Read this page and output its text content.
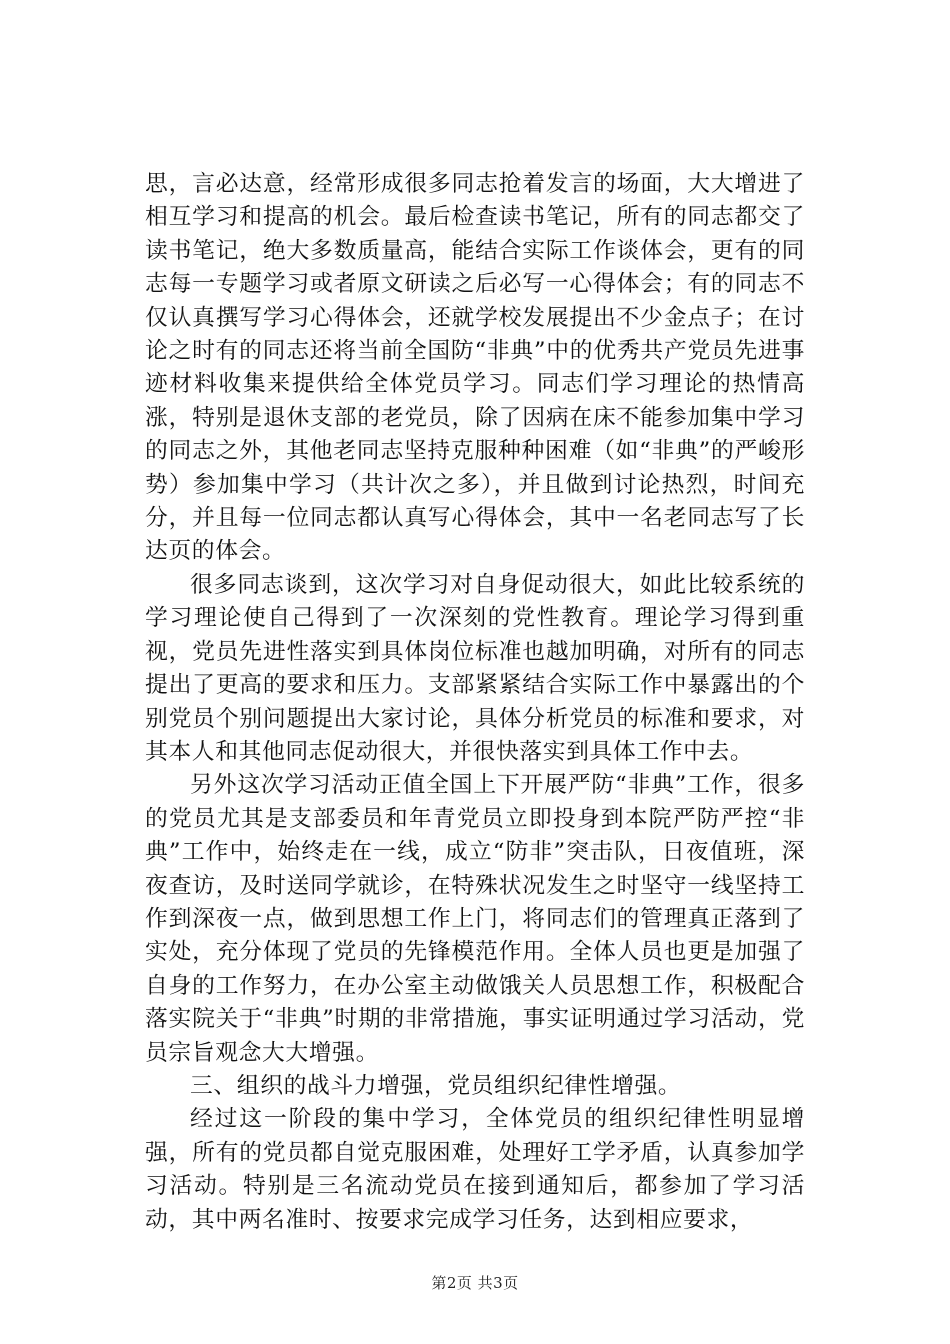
思，言必达意，经常形成很多同志抢着发言的场面，大大增进了相互学习和提高的机会。最后检查读书笔记，所有的同志都交了读书笔记，绝大多数质量高，能结合实际工作谈体会，更有的同志每一专题学习或者原文研读之后必写一心得体会；有的同志不仅认真撰写学习心得体会，还就学校发展提出不少金点子；在讨论之时有的同志还将当前全国防“非典”中的优秀共产党员先进事迹材料收集来提供给全体党员学习。同志们学习理论的热情高涨，特别是退休支部的老党员，除了因病在床不能参加集中学习的同志之外，其他老同志坚持克服种种困难（如“非典”的严峻形势）参加集中学习（共计次之多），并且做到讨论热烈，时间充分，并且每一位同志都认真写心得体会，其中一名老同志写了长达页的体会。

很多同志谈到，这次学习对自身促动很大，如此比较系统的学习理论使自己得到了一次深刻的党性教育。理论学习得到重视，党员先进性落实到具体岗位标准也越加明确，对所有的同志提出了更高的要求和压力。支部紧紧结合实际工作中暴露出的个别党员个别问题提出大家讨论，具体分析党员的标准和要求，对其本人和其他同志促动很大，并很快落实到具体工作中去。

另外这次学习活动正值全国上下开展严防“非典”工作，很多的党员尤其是支部委员和年青党员立即投身到本院严防严控“非典”工作中，始终走在一线，成立“防非”突击队，日夜值班，深夜查访，及时送同学就诊，在特殊状况发生之时坚守一线坚持工作到深夜一点，做到思想工作上门，将同志们的管理真正落到了实处，充分体现了党员的先锋模范作用。全体人员也更是加强了自身的工作努力，在办公室主动做饿关人员思想工作，积极配合落实院关于“非典”时期的非常措施，事实证明通过学习活动，党员宗旨观念大大增强。

三、组织的战斗力增强，党员组织纪律性增强。

经过这一阶段的集中学习，全体党员的组织纪律性明显增强，所有的党员都自觉克服困难，处理好工学矛盾，认真参加学习活动。特别是三名流动党员在接到通知后，都参加了学习活动，其中两名准时、按要求完成学习任务，达到相应要求，

第2页 共3页
